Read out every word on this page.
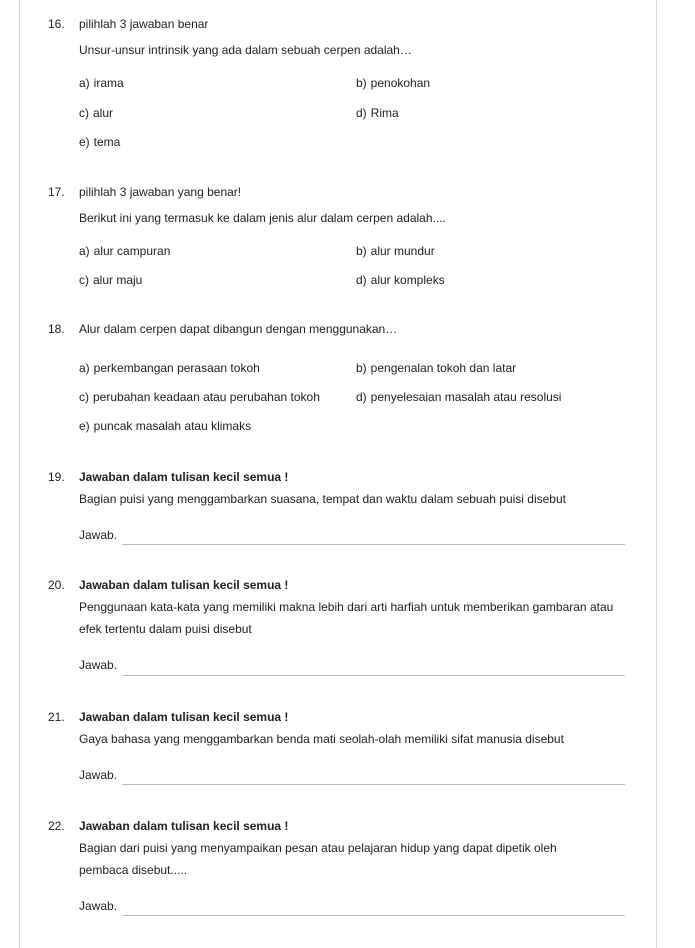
16. pilihlah 3 jawaban benar
Unsur-unsur intrinsik yang ada dalam sebuah cerpen adalah…
a) irama	b) penokohan
c) alur	d) Rima
e) tema
17. pilihlah 3 jawaban yang benar!
Berikut ini yang termasuk ke dalam jenis alur dalam cerpen adalah....
a) alur campuran	b) alur mundur
c) alur maju	d) alur kompleks
18. Alur dalam cerpen dapat dibangun dengan menggunakan…
a) perkembangan perasaan tokoh	b) pengenalan tokoh dan latar
c) perubahan keadaan atau perubahan tokoh	d) penyelesaian masalah atau resolusi
e) puncak masalah atau klimaks
19. Jawaban dalam tulisan kecil semua !
Bagian puisi yang menggambarkan suasana, tempat dan waktu dalam sebuah puisi disebut
Jawab.
20. Jawaban dalam tulisan kecil semua !
Penggunaan kata-kata yang memiliki makna lebih dari arti harfiah untuk memberikan gambaran atau efek tertentu dalam puisi disebut
Jawab.
21. Jawaban dalam tulisan kecil semua !
Gaya bahasa yang menggambarkan benda mati seolah-olah memiliki sifat manusia disebut
Jawab.
22. Jawaban dalam tulisan kecil semua !
Bagian dari puisi yang menyampaikan pesan atau pelajaran hidup yang dapat dipetik oleh pembaca disebut.....
Jawab.
